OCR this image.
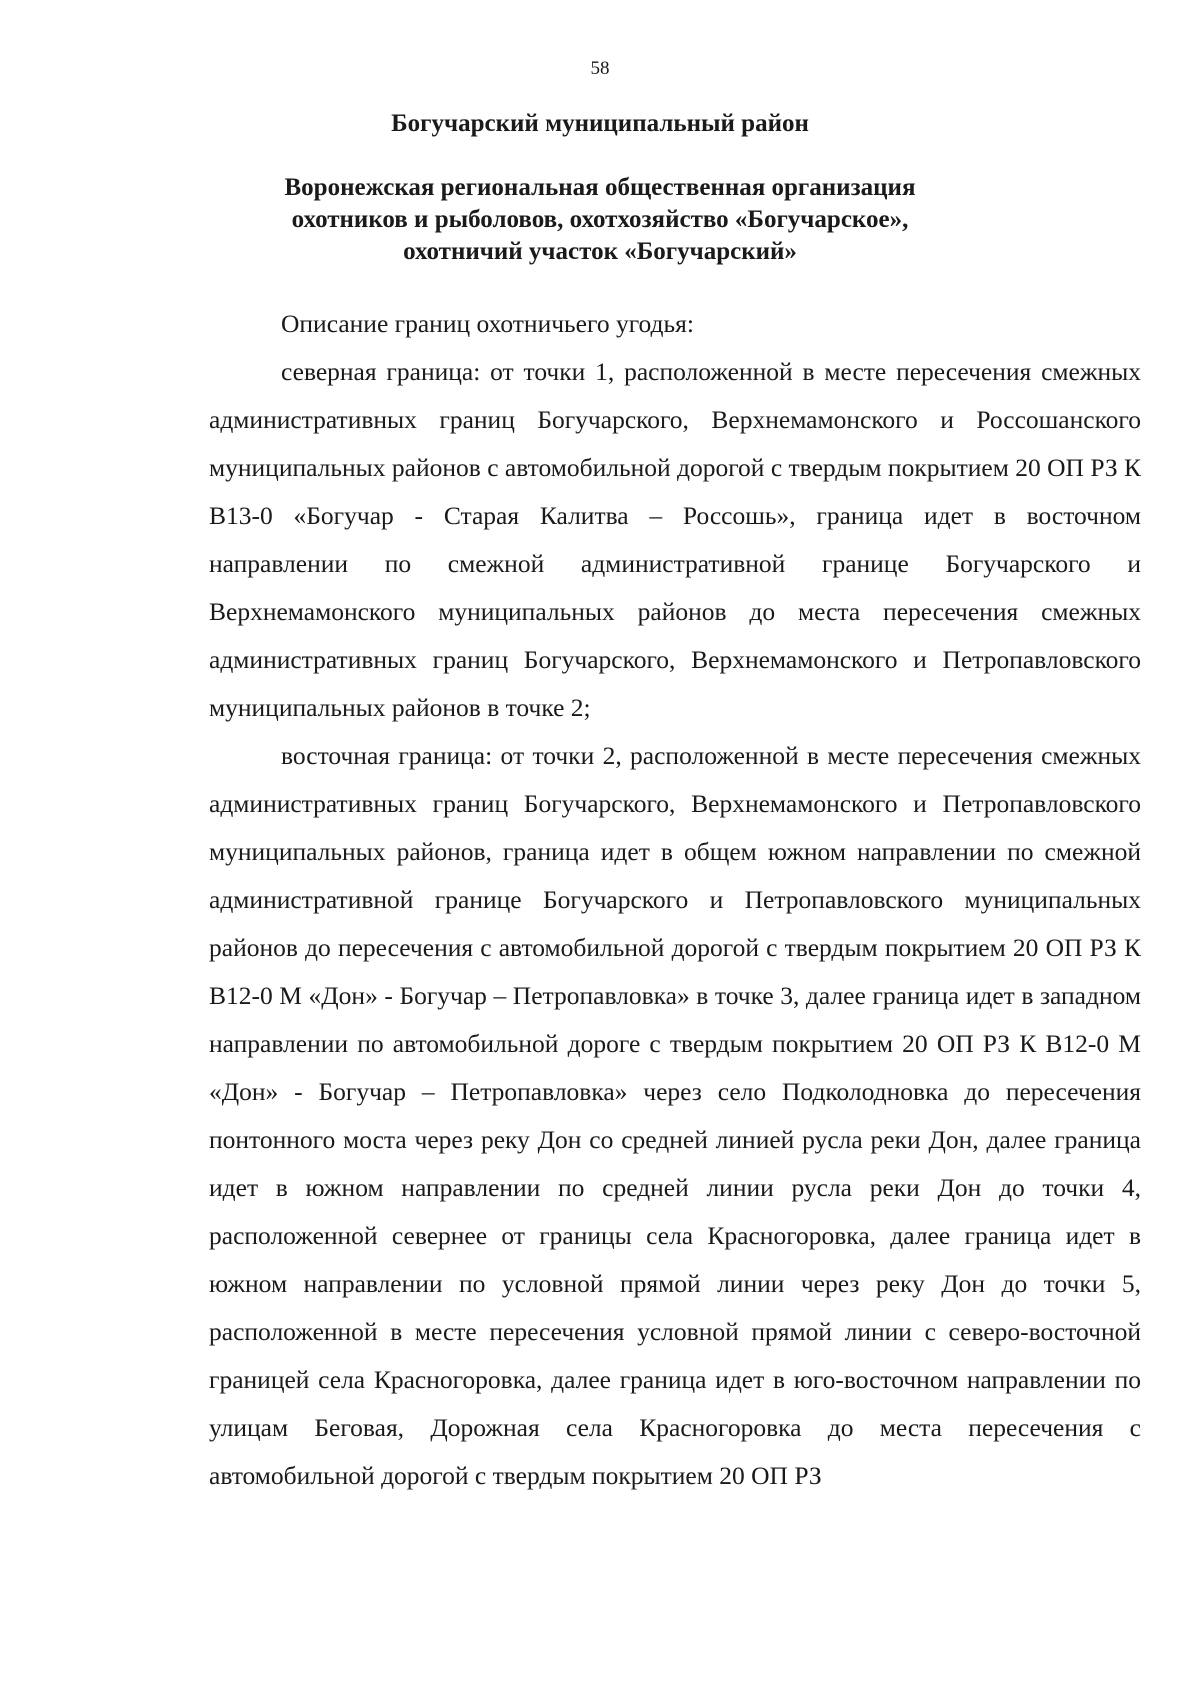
58
Богучарский муниципальный район
Воронежская региональная общественная организация
охотников и рыболовов, охотхозяйство «Богучарское»,
охотничий участок «Богучарский»

Описание границ охотничьего угодья:

северная граница: от точки 1, расположенной в месте пересечения смежных административных границ Богучарского, Верхнемамонского и Россошанского муниципальных районов с автомобильной дорогой с твердым покрытием 20 ОП РЗ К В13-0 «Богучар - Старая Калитва – Россошь», граница идет в восточном направлении по смежной административной границе Богучарского и Верхнемамонского муниципальных районов до места пересечения смежных административных границ Богучарского, Верхнемамонского и Петропавловского муниципальных районов в точке 2;

восточная граница: от точки 2, расположенной в месте пересечения смежных административных границ Богучарского, Верхнемамонского и Петропавловского муниципальных районов, граница идет в общем южном направлении по смежной административной границе Богучарского и Петропавловского муниципальных районов до пересечения с автомобильной дорогой с твердым покрытием 20 ОП РЗ К В12-0 М «Дон» - Богучар – Петропавловка» в точке 3, далее граница идет в западном направлении по автомобильной дороге с твердым покрытием 20 ОП РЗ К В12-0 М «Дон» - Богучар – Петропавловка» через село Подколодновка до пересечения понтонного моста через реку Дон со средней линией русла реки Дон, далее граница идет в южном направлении по средней линии русла реки Дон до точки 4, расположенной севернее от границы села Красногоровка, далее граница идет в южном направлении по условной прямой линии через реку Дон до точки 5, расположенной в месте пересечения условной прямой линии с северо-восточной границей села Красногоровка, далее граница идет в юго-восточном направлении по улицам Беговая, Дорожная села Красногоровка до места пересечения с автомобильной дорогой с твердым покрытием 20 ОП РЗ
